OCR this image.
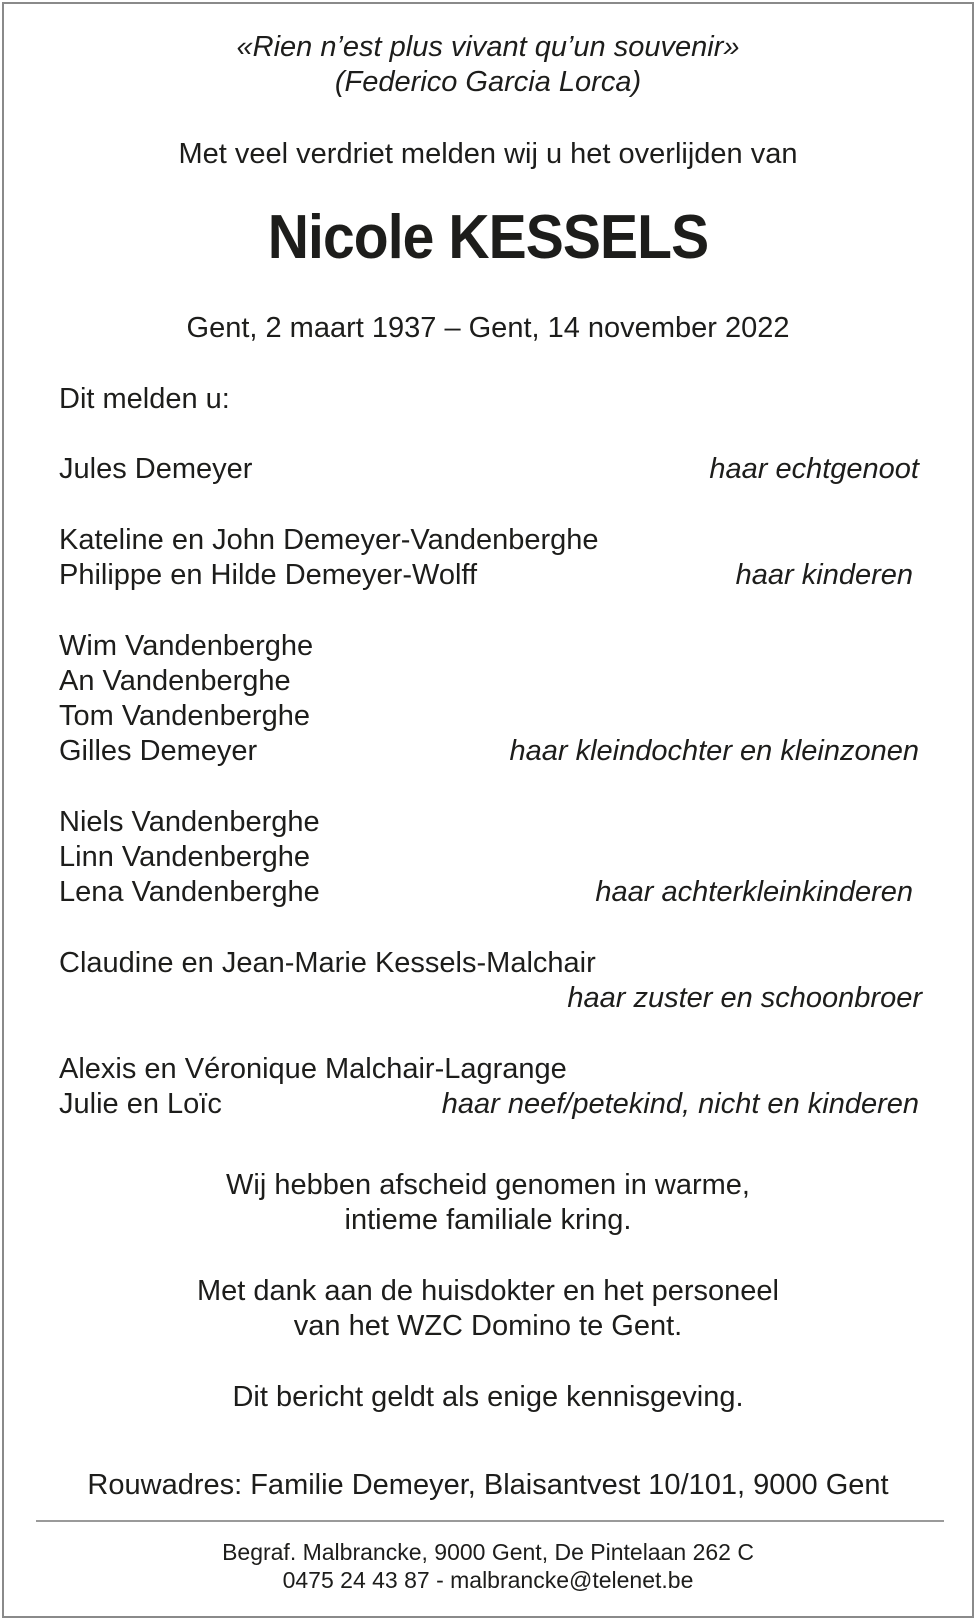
«Rien n’est plus vivant qu’un souvenir»
(Federico Garcia Lorca)
Met veel verdriet melden wij u het overlijden van
Nicole KESSELS
Gent, 2 maart 1937 – Gent, 14 november 2022
Dit melden u:
Jules Demeyer	haar echtgenoot
Kateline en John Demeyer-Vandenberghe
Philippe en Hilde Demeyer-Wolff	haar kinderen
Wim Vandenberghe
An Vandenberghe
Tom Vandenberghe
Gilles Demeyer	haar kleindochter en kleinzonen
Niels Vandenberghe
Linn Vandenberghe
Lena Vandenberghe	haar achterkleinkinderen
Claudine en Jean-Marie Kessels-Malchair
haar zuster en schoonbroer
Alexis en Véronique Malchair-Lagrange
Julie en Loïc	haar neef/petekind, nicht en kinderen
Wij hebben afscheid genomen in warme,
intieme familiale kring.
Met dank aan de huisdokter en het personeel
van het WZC Domino te Gent.
Dit bericht geldt als enige kennisgeving.
Rouwadres: Familie Demeyer, Blaisantvest 10/101, 9000 Gent
Begraf. Malbrancke, 9000 Gent, De Pintelaan 262 C
0475 24 43 87 - malbrancke@telenet.be
